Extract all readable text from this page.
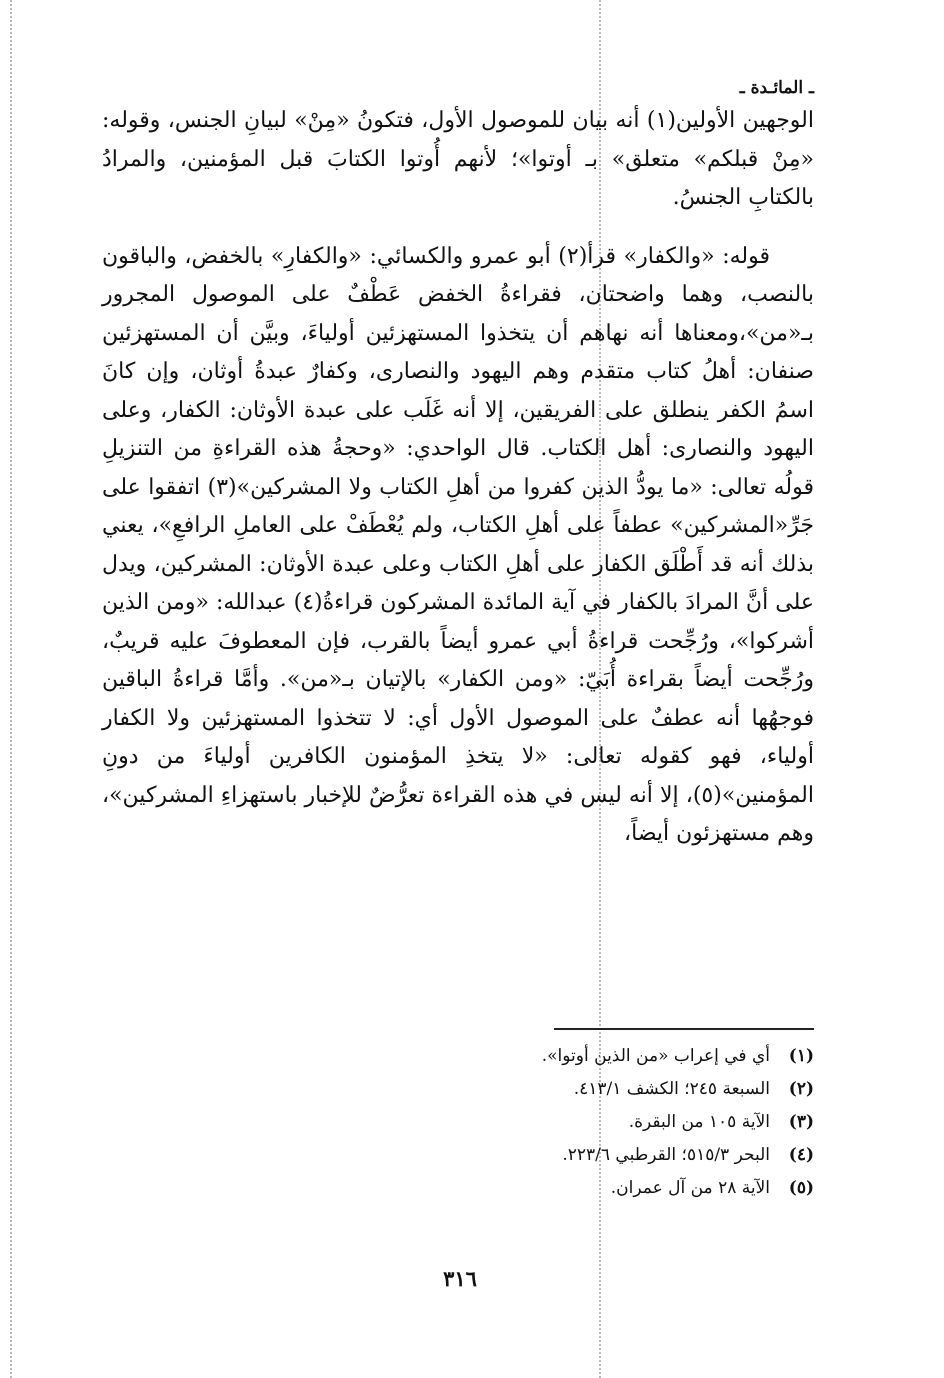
ـ المائـدة ـ

الوجهين الأولين(١) أنه بيان للموصول الأول، فتكونُ «مِنْ» لبيانِ الجنس، وقوله: «مِنْ قبلكم» متعلق» بـ أوتوا»؛ لأنهم أُوتوا الكتابَ قبل المؤمنين، والمرادُ بالكتابِ الجنسُ.

قوله: «والكفار» قرأ(٢) أبو عمرو والكسائي: «والكفارِ» بالخفض، والباقون بالنصب، وهما واضحتان، فقراءةُ الخفض عَطْفٌ على الموصول المجرور بـ«من»،ومعناها أنه نهاهم أن يتخذوا المستهزئين أولياءَ، وبيَّن أن المستهزئين صنفان: أهلُ كتاب متقدم وهم اليهود والنصارى، وكفارٌ عبدةُ أوثان، وإن كانَ اسمُ الكفر ينطلق على الفريقين، إلا أنه غَلَب على عبدة الأوثان: الكفار، وعلى اليهود والنصارى: أهل الكتاب. قال الواحدي: «وحجةُ هذه القراءةِ من التنزيلِ قولُه تعالى: «ما يودُّ الذين كفروا من أهلِ الكتاب ولا المشركين»(٣) اتفقوا على جَرِّ«المشركين» عطفاً على أهلِ الكتاب، ولم يُعْطَفْ على العاملِ الرافعِ»، يعني بذلك أنه قد أَطْلَق الكفار على أهلِ الكتاب وعلى عبدة الأوثان: المشركين، ويدل على أنَّ المرادَ بالكفار في آية المائدة المشركون قراءةُ(٤) عبدالله: «ومن الذين أشركوا»، ورُجِّحت قراءةُ أبي عمرو أيضاً بالقرب، فإن المعطوفَ عليه قريبٌ، ورُجِّحت أيضاً بقراءة أُبَيّ: «ومن الكفار» بالإتيان بـ«من». وأمَّا قراءةُ الباقين فوجهُها أنه عطفٌ على الموصول الأول أي: لا تتخذوا المستهزئين ولا الكفار أولياء، فهو كقوله تعالى: «لا يتخذِ المؤمنون الكافرين أولياءَ من دونِ المؤمنين»(٥)، إلا أنه ليس في هذه القراءة تعرُّضٌ للإخبار باستهزاءِ المشركين»، وهم مستهزئون أيضاً،

(١)
أي في إعراب «من الذين أوتوا».
(٢)
السبعة ٢٤٥؛ الكشف ٤١٣/١.
(٣)
الآية ١٠٥ من البقرة.
(٤)
البحر ٥١٥/٣؛ القرطبي ٢٢٣/٦.
(٥)
الآية ٢٨ من آل عمران.
٣١٦
